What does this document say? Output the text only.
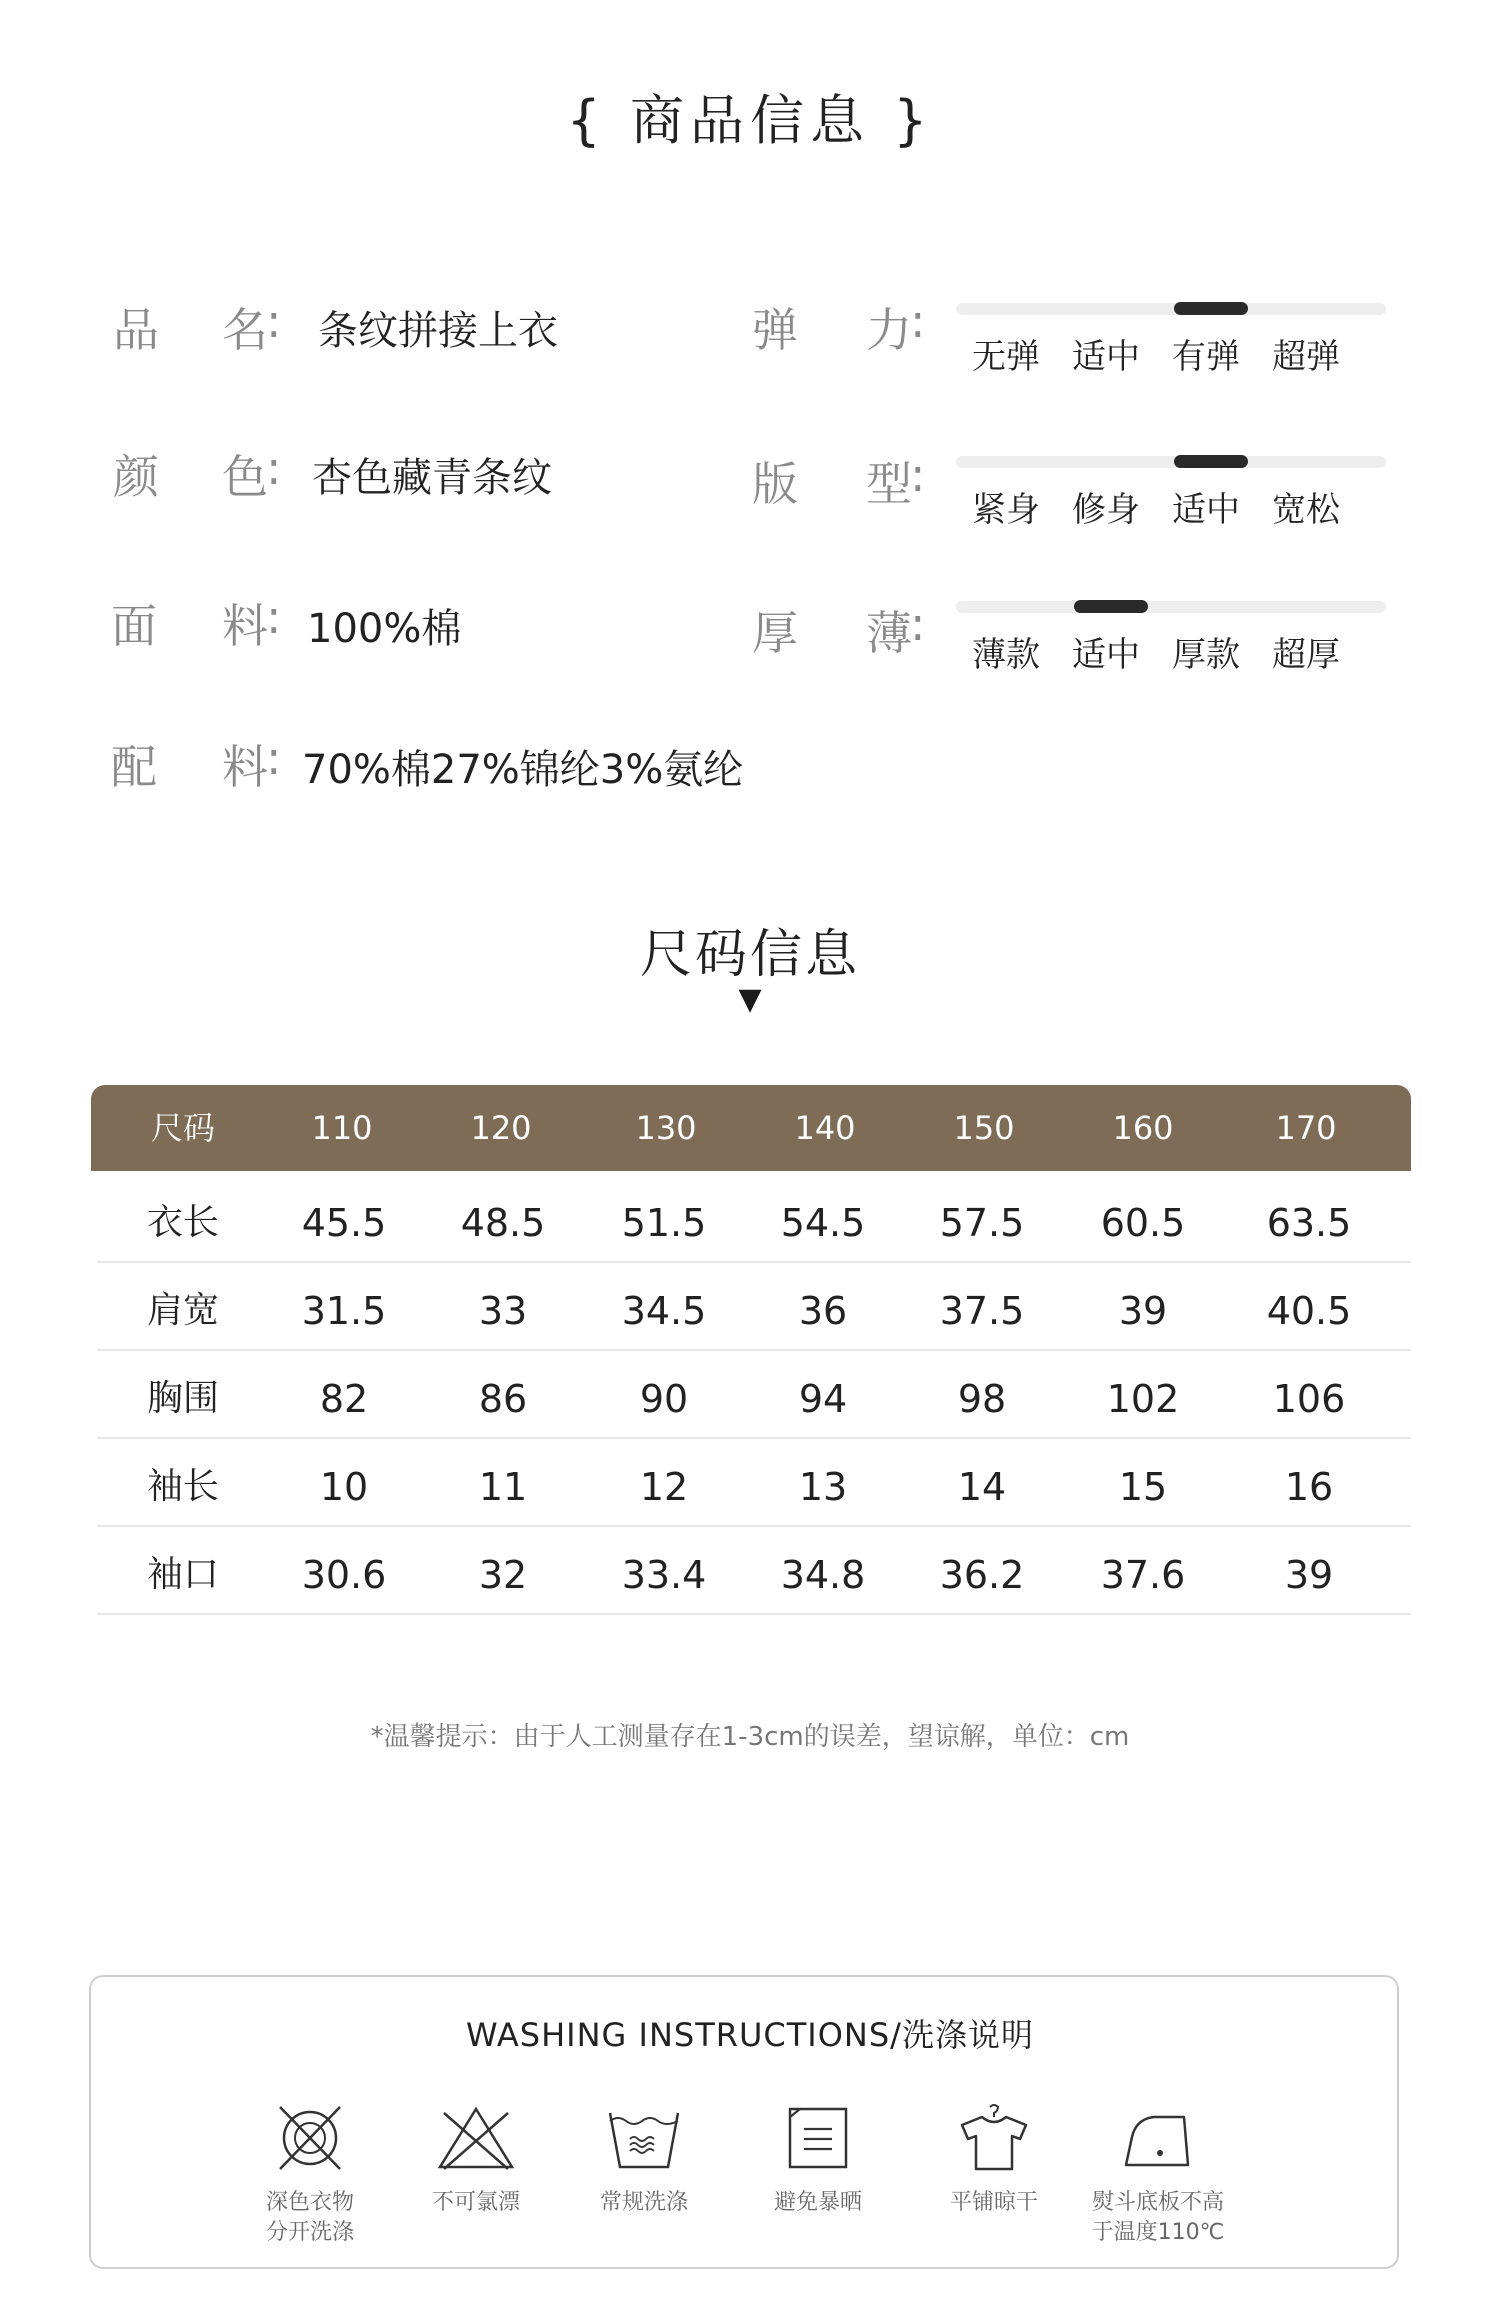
{ 商品信息 }
品 名
: 条纹拼接上衣
颜 色
: 杏色藏青条纹
面 料
: 100%棉
配 料
: 70%棉27%锦纶3%氨纶
弹 力
:
无弹 适中 有弹 超弹
版 型
:
紧身 修身 适中 宽松
厚 薄
:
薄款 适中 厚款 超厚
尺码信息
▼
尺码	110	120	130	140	150	160	170
衣长	45.5	48.5	51.5	54.5	57.5	60.5	63.5
肩宽	31.5	33	34.5	36	37.5	39	40.5
胸围	82	86	90	94	98	102	106
袖长	10	11	12	13	14	15	16
袖口	30.6	32	33.4	34.8	36.2	37.6	39
*温馨提示：由于人工测量存在1-3cm的误差，望谅解，单位：cm
WASHING INSTRUCTIONS/洗涤说明
深色衣物
分开洗涤
不可氯漂	常规洗涤	避免暴晒	平铺晾干	熨斗底板不高
于温度110℃
